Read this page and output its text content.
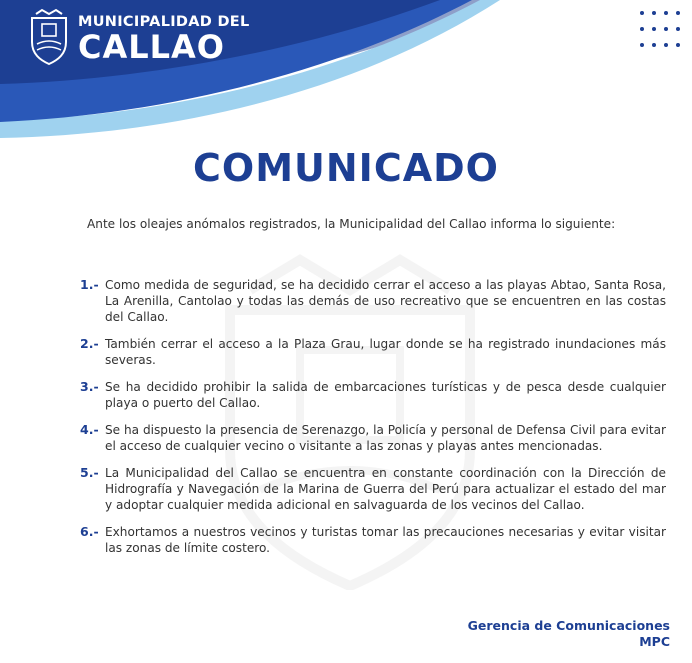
MUNICIPALIDAD DEL
CALLAO
COMUNICADO
Ante los oleajes anómalos registrados, la Municipalidad del Callao informa lo siguiente:
1.- Como medida de seguridad, se ha decidido cerrar el acceso a las playas Abtao, Santa Rosa, La Arenilla, Cantolao y todas las demás de uso recreativo que se encuentren en las costas del Callao.
2.- También cerrar el acceso a la Plaza Grau, lugar donde se ha registrado inundaciones más severas.
3.- Se ha decidido prohibir la salida de embarcaciones turísticas y de pesca desde cualquier playa o puerto del Callao.
4.- Se ha dispuesto la presencia de Serenazgo, la Policía y personal de Defensa Civil para evitar el acceso de cualquier vecino o visitante a las zonas y playas antes mencionadas.
5.- La Municipalidad del Callao se encuentra en constante coordinación con la Dirección de Hidrografía y Navegación de la Marina de Guerra del Perú para actualizar el estado del mar y adoptar cualquier medida adicional en salvaguarda de los vecinos del Callao.
6.- Exhortamos a nuestros vecinos y turistas tomar las precauciones necesarias y evitar visitar las zonas de límite costero.
Gerencia de Comunicaciones
MPC
